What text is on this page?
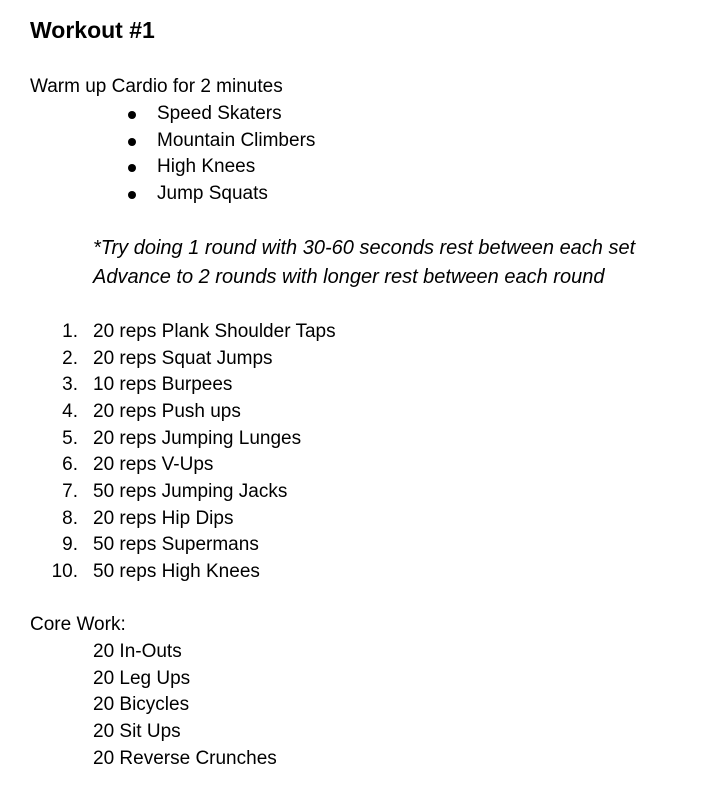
Workout #1
Warm up Cardio for 2 minutes
Speed Skaters
Mountain Climbers
High Knees
Jump Squats
*Try doing 1 round with 30-60 seconds rest between each set
Advance to 2 rounds with longer rest between each round
1. 20 reps Plank Shoulder Taps
2. 20 reps Squat Jumps
3. 10 reps Burpees
4. 20 reps Push ups
5. 20 reps Jumping Lunges
6. 20 reps V-Ups
7. 50 reps Jumping Jacks
8. 20 reps Hip Dips
9. 50 reps Supermans
10. 50 reps High Knees
Core Work:
20 In-Outs
20 Leg Ups
20 Bicycles
20 Sit Ups
20 Reverse Crunches
